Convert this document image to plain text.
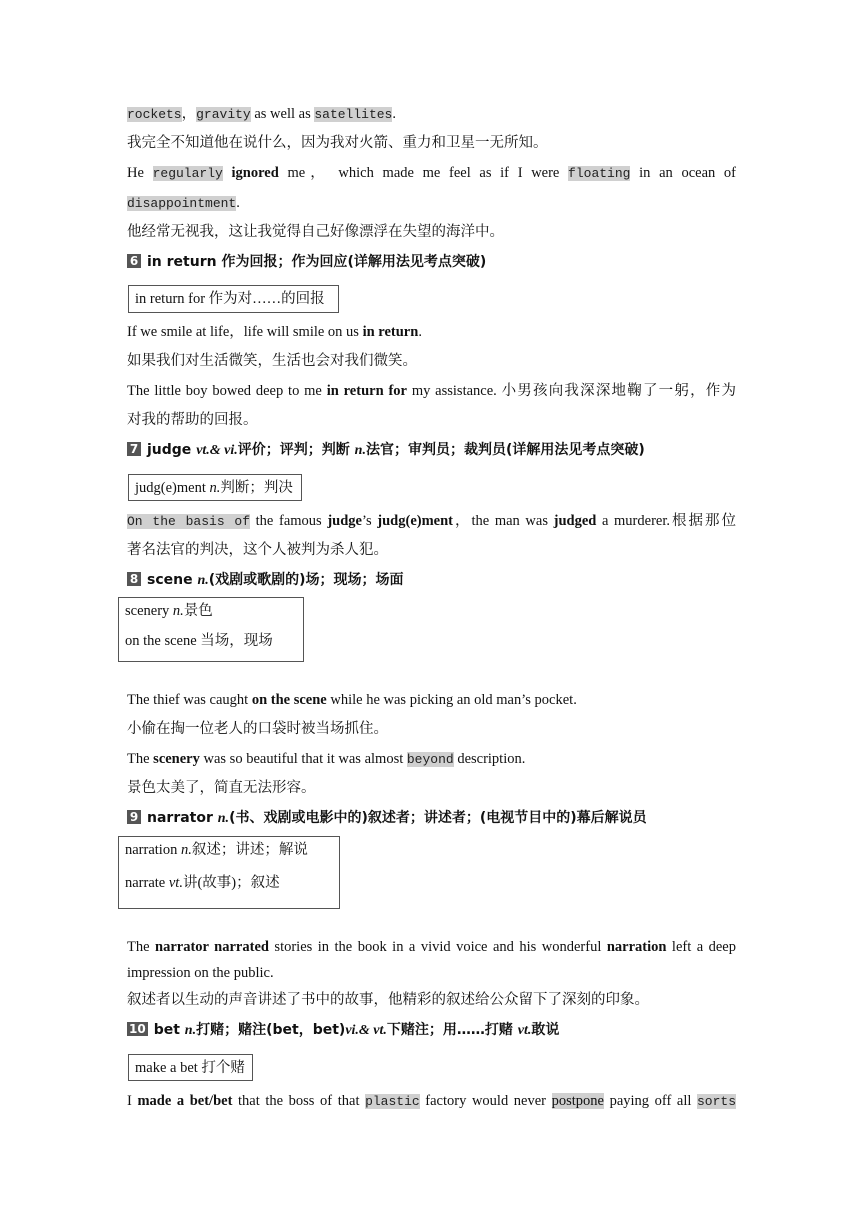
rockets，gravity as well as satellites.
我完全不知道他在说什么，因为我对火箭、重力和卫星一无所知。
He regularly ignored me， which made me feel as if I were floating in an ocean of
disappointment.
他经常无视我，这让我觉得自己好像漂浮在失望的海洋中。
6 in return 作为回报；作为回应(详解用法见考点突破)
in return for 作为对……的回报
If we smile at life，life will smile on us in return.
如果我们对生活微笑，生活也会对我们微笑。
The little boy bowed deep to me in return for my assistance. 小男孩向我深深地鞠了一躬，作为
对我的帮助的回报。
7 judge vt.& vi.评价；评判；判断 n.法官；审判员；裁判员(详解用法见考点突破)
judg(e)ment n.判断；判决
On the basis of the famous judge’s judg(e)ment，the man was judged a murderer.根据那位
著名法官的判决，这个人被判为杀人犯。
8 scene n.(戏剧或歌剧的)场；现场；场面
scenery n.景色
on the scene 当场，现场
The thief was caught on the scene while he was picking an old man’s pocket.
小偷在掏一位老人的口袋时被当场抓住。
The scenery was so beautiful that it was almost beyond description.
景色太美了，简直无法形容。
9 narrator n.(书、戏剧或电影中的)叙述者；讲述者；(电视节目中的)幕后解说员
narration n.叙述；讲述；解说
narrate vt.讲(故事)；叙述
The narrator narrated stories in the book in a vivid voice and his wonderful narration left a deep
impression on the public.
叙述者以生动的声音讲述了书中的故事，他精彩的叙述给公众留下了深刻的印象。
10 bet n.打赌；赌注(bet，bet)vi.& vt.下赌注；用……打赌 vt.敢说
make a bet 打个赌
I made a bet/bet that the boss of that plastic factory would never postpone paying off all sorts
